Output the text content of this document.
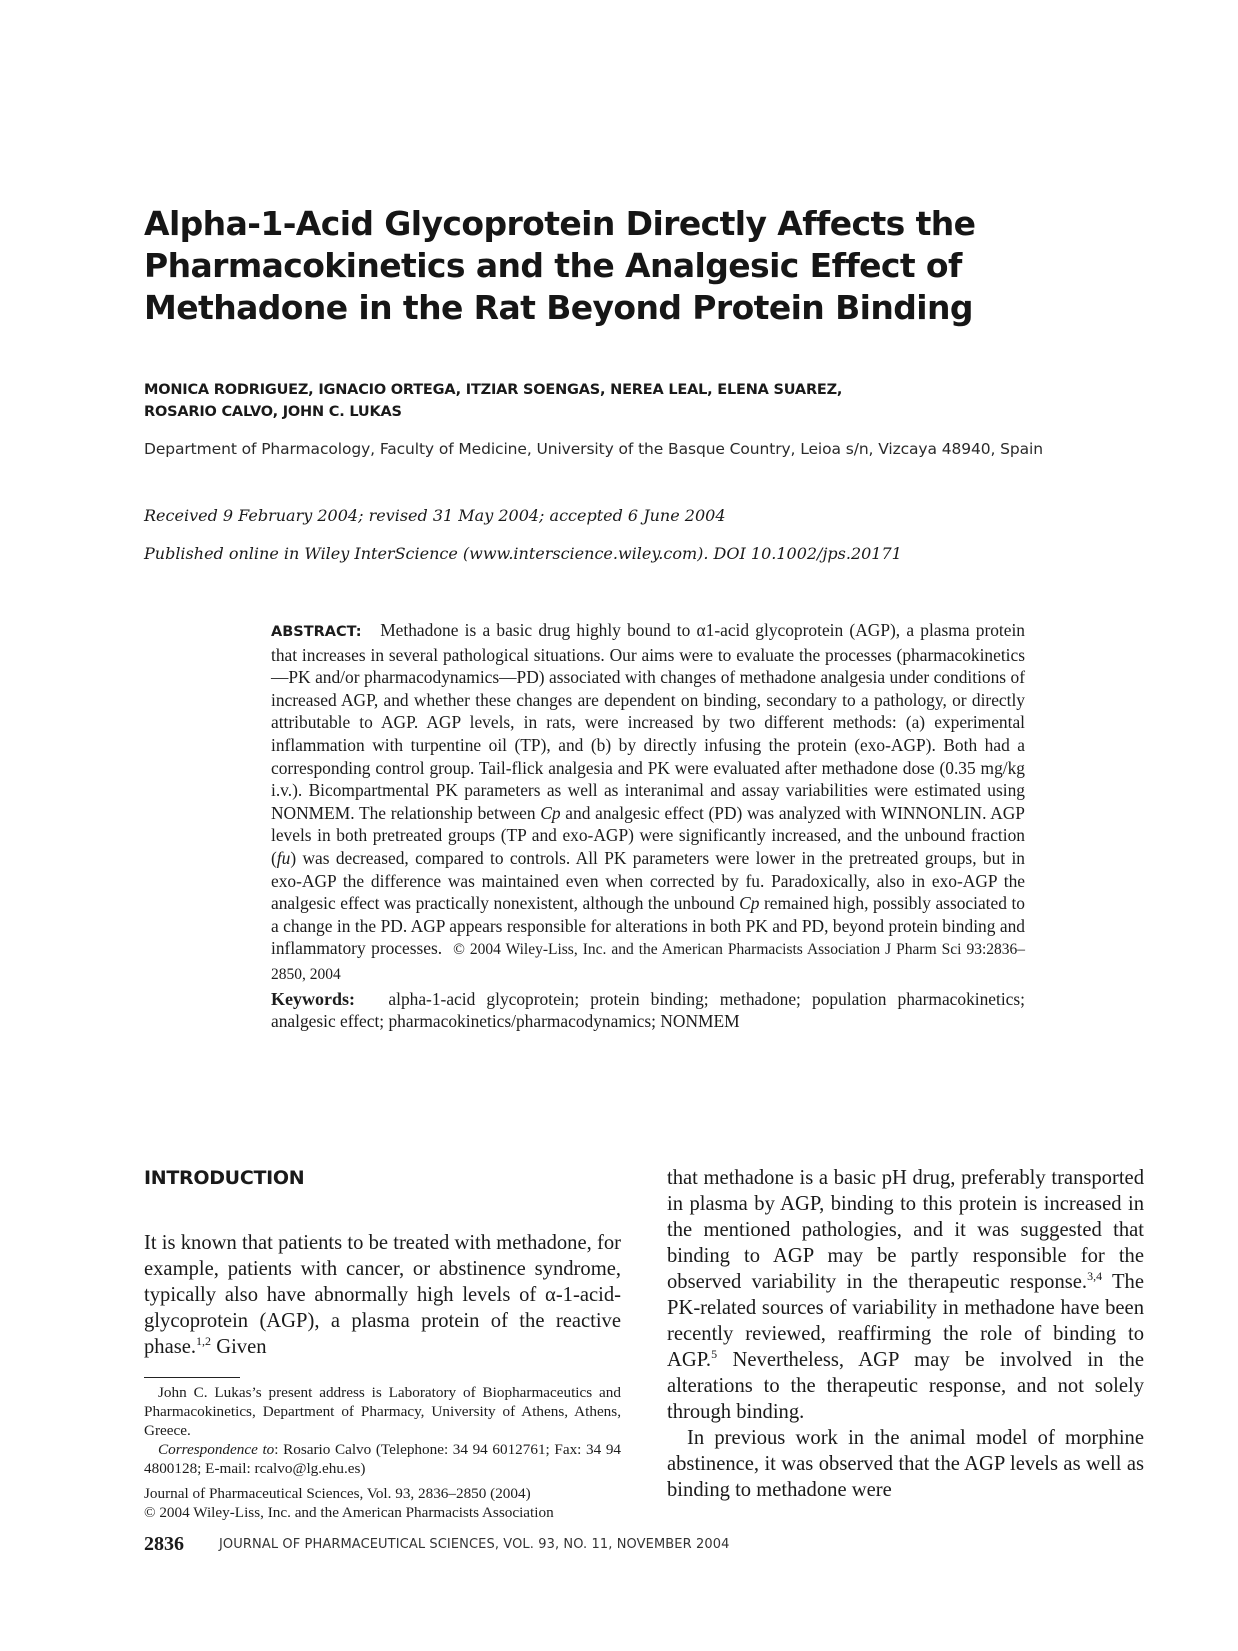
Alpha-1-Acid Glycoprotein Directly Affects the
Pharmacokinetics and the Analgesic Effect of
Methadone in the Rat Beyond Protein Binding
MONICA RODRIGUEZ, IGNACIO ORTEGA, ITZIAR SOENGAS, NEREA LEAL, ELENA SUAREZ,
ROSARIO CALVO, JOHN C. LUKAS
Department of Pharmacology, Faculty of Medicine, University of the Basque Country, Leioa s/n, Vizcaya 48940, Spain

Received 9 February 2004; revised 31 May 2004; accepted 6 June 2004

Published online in Wiley InterScience (www.interscience.wiley.com). DOI 10.1002/jps.20171

ABSTRACT: Methadone is a basic drug highly bound to α1-acid glycoprotein (AGP), a plasma protein that increases in several pathological situations. Our aims were to evaluate the processes (pharmacokinetics—PK and/or pharmacodynamics—PD) associated with changes of methadone analgesia under conditions of increased AGP, and whether these changes are dependent on binding, secondary to a pathology, or directly attributable to AGP. AGP levels, in rats, were increased by two different methods: (a) experimental inflammation with turpentine oil (TP), and (b) by directly infusing the protein (exo-AGP). Both had a corresponding control group. Tail-flick analgesia and PK were evaluated after methadone dose (0.35 mg/kg i.v.). Bicompartmental PK parameters as well as interanimal and assay variabilities were estimated using NONMEM. The relationship between Cp and analgesic effect (PD) was analyzed with WINNONLIN. AGP levels in both pretreated groups (TP and exo-AGP) were significantly increased, and the unbound fraction (fu) was decreased, compared to controls. All PK parameters were lower in the pretreated groups, but in exo-AGP the difference was maintained even when corrected by fu. Paradoxically, also in exo-AGP the analgesic effect was practically nonexistent, although the unbound Cp remained high, possibly associated to a change in the PD. AGP appears responsible for alterations in both PK and PD, beyond protein binding and inflammatory processes. © 2004 Wiley-Liss, Inc. and the American Pharmacists Association J Pharm Sci 93:2836–2850, 2004

Keywords: alpha-1-acid glycoprotein; protein binding; methadone; population pharmacokinetics; analgesic effect; pharmacokinetics/pharmacodynamics; NONMEM

INTRODUCTION

It is known that patients to be treated with methadone, for example, patients with cancer, or abstinence syndrome, typically also have abnormally high levels of α-1-acid-glycoprotein (AGP), a plasma protein of the reactive phase.$^{1,2}$ Given

that methadone is a basic pH drug, preferably transported in plasma by AGP, binding to this protein is increased in the mentioned pathologies, and it was suggested that binding to AGP may be partly responsible for the observed variability in the therapeutic response.$^{3,4}$ The PK-related sources of variability in methadone have been recently reviewed, reaffirming the role of binding to AGP.$^5$ Nevertheless, AGP may be involved in the alterations to the therapeutic response, and not solely through binding.

In previous work in the animal model of morphine abstinence, it was observed that the AGP levels as well as binding to methadone were

John C. Lukas’s present address is Laboratory of Biopharmaceutics and Pharmacokinetics, Department of Pharmacy, University of Athens, Athens, Greece.

Correspondence to: Rosario Calvo (Telephone: 34 94 6012761; Fax: 34 94 4800128; E-mail: rcalvo@lg.ehu.es)

Journal of Pharmaceutical Sciences, Vol. 93, 2836–2850 (2004)

© 2004 Wiley-Liss, Inc. and the American Pharmacists Association

2836	JOURNAL OF PHARMACEUTICAL SCIENCES, VOL. 93, NO. 11, NOVEMBER 2004
